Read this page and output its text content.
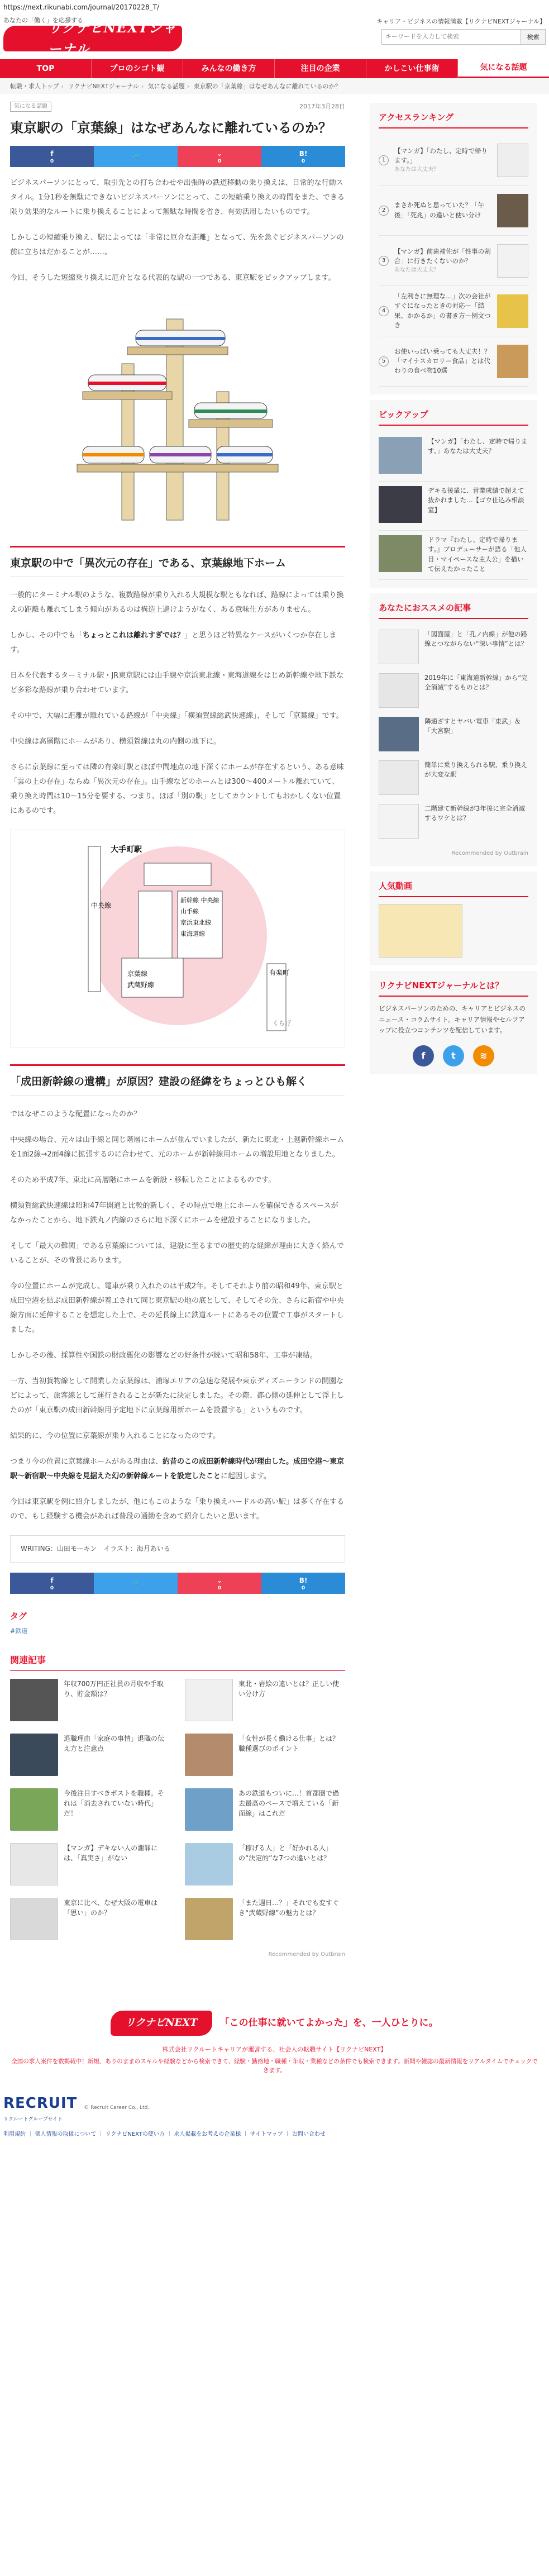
https://next.rikunabi.com/journal/20170228_T/
あなたの「働く」を応援する
リクナビNEXTジャーナル
キャリア・ビジネスの情報満載【リクナビNEXTジャーナル】
キーワードを入力して検索
検索
TOP	プロのシゴト観	みんなの働き方	注目の企業	かしこい仕事術	気になる話題
転職・求人トップ › リクナビNEXTジャーナル › 気になる話題 › 東京駅の「京葉線」はなぜあんなに離れているのか？
気になる話題	2017年3月28日
東京駅の「京葉線」はなぜあんなに離れているのか？
f
0
🐦	⌄
0
B!
0

ビジネスパーソンにとって、取引先との打ち合わせや出張時の鉄道移動の乗り換えは、日常的な行動スタイル。1分1秒を無駄にできないビジネスパーソンにとって、この短縮乗り換えの時間をまた、できる限り効果的なルートに乗り換えることによって無駄な時間を省き、有効活用したいものです。

しかしこの短縮乗り換え、駅によっては「非常に厄介な距離」となって、先を急ぐビジネスパーソンの前に立ちはだかることが……。

今回、そうした短縮乗り換えに厄介となる代表的な駅の一つである、東京駅をピックアップします。

東京駅の中で「異次元の存在」である、京葉線地下ホーム

一般的にターミナル駅のような、複数路線が乗り入れる大規模な駅ともなれば、路線によっては乗り換えの距離も離れてしまう傾向があるのは構造上避けようがなく、ある意味仕方がありません。

しかし、その中でも「ちょっとこれは離れすぎでは？」と思うほど特異なケースがいくつか存在します。

日本を代表するターミナル駅・JR東京駅には山手線や京浜東北線・東海道線をはじめ新幹線や地下鉄など多彩な路線が乗り合わせています。

その中で、大幅に距離が離れている路線が「中央線」「横須賀線総武快速線」、そして「京葉線」です。

中央線は高層階にホームがあり、横須賀線は丸の内側の地下に。

さらに京葉線に至っては隣の有楽町駅とほぼ中間地点の地下深くにホームが存在するという、ある意味「雲の上の存在」ならぬ「異次元の存在」。山手線などのホームとは300～400メートル離れていて、乗り換え時間は10～15分を要する、つまり、ほぼ「別の駅」としてカウントしてもおかしくない位置にあるのです。

大手町駅
中央線
新幹線 中央線
山手線
京浜東北線
東海道線
京葉線
武蔵野線
有楽町
くらげ
「成田新幹線の遺構」が原因？建設の経緯をちょっとひも解く

ではなぜこのような配置になったのか？

中央線の場合、元々は山手線と同じ階層にホームが並んでいましたが、新たに東北・上越新幹線ホームを1面2線→2面4線に拡張するのに合わせて、元のホームが新幹線用ホームの増設用地となりました。

そのため平成7年、東北に高層階にホームを新設・移転したことによるものです。

横須賀総武快速線は昭和47年開通と比較的新しく、その時点で地上にホームを確保できるスペースがなかったことから、地下鉄丸ノ内線のさらに地下深くにホームを建設することになりました。

そして「最大の難関」である京葉線については、建設に至るまでの歴史的な経緯が理由に大きく絡んでいることが、その背景にあります。

今の位置にホームが完成し、電車が乗り入れたのは平成2年。そしてそれより前の昭和49年、東京駅と成田空港を結ぶ成田新幹線が着工されて同じ東京駅の地の底として、そしてその先、さらに新宿や中央線方面に延伸することを想定した上で、その延長線上に鉄道ルートにあるその位置で工事がスタートしました。

しかしその後、採算性や国鉄の財政悪化の影響などの好条件が続いて昭和58年、工事が凍結。

一方、当初貨物線として開業した京葉線は、浦塚エリアの急速な発展や東京ディズニーランドの開園などによって、旅客線として運行されることが新たに決定しました。その際、都心側の延伸として浮上したのが「東京駅の成田新幹線用予定地下に京葉線用新ホームを設置する」というものです。

結果的に、今の位置に京葉線が乗り入れることになったのです。

つまり今の位置に京葉線ホームがある理由は、約昔のこの成田新幹線時代が理由した。成田空港～東京駅～新宿駅～中央線を見据えた幻の新幹線ルートを設定したことに起因します。

今回は東京駅を例に紹介しましたが、他にもこのような「乗り換えハードルの高い駅」は多く存在するので、もし経験する機会があれば普段の通勤を含めて紹介したいと思います。

WRITING：山田モーキン　イラスト：海月あいる
f
0
🐦	⌄
0
B!
0
タグ
#鉄道
関連記事
年収700万円正社員の月収や手取り、貯金額は？
東北・岩絵の違いとは？正しい使い分け方
退職理由「家庭の事情」退職の伝え方と注意点
「女性が長く働ける仕事」とは？職種選びのポイント
今後注目すべきポストを職種。それは「消去されていない時代」だ！
あの鉄道もついに…！首都圏で過去最高のペースで増えている「新面線」はこれだ
【マンガ】デキない人の謝罪には、「真実さ」がない
「稼げる人」と「好かれる人」の“決定的”な7つの違いとは？
東京に比べ、なぜ大阪の電車は「思い」のか？
「また週日…？」それでも変すぐき“武蔵野線”の魅力とは？
Recommended by Outbrain
アクセスランキング
1
【マンガ】「わたし、定時で帰ります。」
あなたは大丈夫？
2
まさか死ぬと思っていた？「午後」「死兆」の違いと使い分け
3
【マンガ】前歯補佐が「性事の割合」に行きたくないのか？
あなたは大丈夫？
4
「左利きに無理な…」次の会社がすぐになったときの対応ー「結果、かかるか」の書き方ー例文つき
5
お使いっぱい乗っても大丈夫！？「マイナスカロリー食品」とは代わりの食べ物10選
ピックアップ
【マンガ】「わたし、定時で帰ります。」あなたは大丈夫？
デキる後輩に、営業成績で超えて抜かれました…【ゴウ仕込み相談室】
ドラマ『わたし、定時で帰ります。』プロデューサーが語る「他人目・マイペースな主人公」を描いて伝えたかったこと
あなたにおススメの記事
「図面屋」と「孔ノ内線」が他の路線とつながらない“深い事情”とは？
2019年に「東海道新幹線」から“完全消滅”するものとは？
隣通ざすとヤバい電車「東武」＆「大宮駅」
簡単に乗り換えられる駅、乗り換えが大変な駅
二階建て新幹線が3年後に完全消滅するワケとは？
Recommended by Outbrain
人気動画
リクナビNEXTジャーナルとは？
ビジネスパーソンのための、キャリアとビジネスのニュース・コラムサイト。キャリア情報やセルフアップに役立つコンテンツを配信しています。
f	t	≋
リクナビNEXT	「この仕事に就いてよかった」を、一人ひとりに。
株式会社リクルートキャリアが運営する、社会人の転職サイト【リクナビNEXT】
全国の求人案件を数掲載中！新規、ありのままのスキルや経験などから検索できて、経験・勤務地・職種・年収・業種などの条件でも検索できます。新聞や雑誌の最新情報をリアルタイムでチェックできます。
RECRUIT
リクルートグループサイト
© Recruit Career Co., Ltd.
利用規約 ｜ 個人情報の取扱について ｜ リクナビNEXTの使い方 ｜ 求人掲載をお考えの企業様 ｜ サイトマップ ｜ お問い合わせ
